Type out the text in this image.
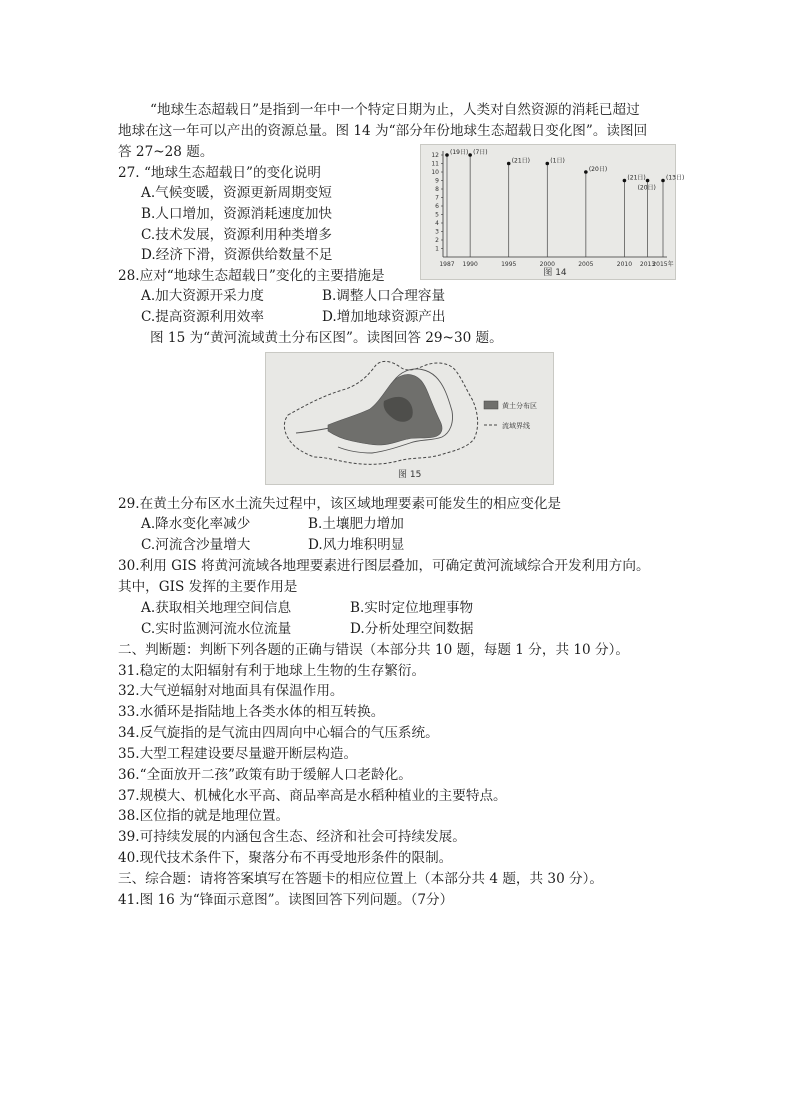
“地球生态超载日”是指到一年中一个特定日期为止，人类对自然资源的消耗已超过
地球在这一年可以产出的资源总量。图 14 为“部分年份地球生态超载日变化图”。读图回
答 27~28 题。
27. “地球生态超载日”的变化说明
A.气候变暖，资源更新周期变短
B.人口增加，资源消耗速度加快
C.技术发展，资源利用种类增多
D.经济下滑，资源供给数量不足
28.应对“地球生态超载日”变化的主要措施是
A.加大资源开采力度	B.调整人口合理容量
C.提高资源利用效率	D.增加地球资源产出
图 15 为“黄河流域黄土分布区图”。读图回答 29~30 题。
29.在黄土分布区水土流失过程中，该区域地理要素可能发生的相应变化是
A.降水变化率减少	B.土壤肥力增加
C.河流含沙量增大	D.风力堆积明显
30.利用 GIS 将黄河流域各地理要素进行图层叠加，可确定黄河流域综合开发利用方向。
其中，GIS 发挥的主要作用是
A.获取相关地理空间信息	B.实时定位地理事物
C.实时监测河流水位流量	D.分析处理空间数据
二、判断题：判断下列各题的正确与错误（本部分共 10 题，每题 1 分，共 10 分）。
31.稳定的太阳辐射有利于地球上生物的生存繁衍。
32.大气逆辐射对地面具有保温作用。
33.水循环是指陆地上各类水体的相互转换。
34.反气旋指的是气流由四周向中心辐合的气压系统。
35.大型工程建设要尽量避开断层构造。
36.“全面放开二孩”政策有助于缓解人口老龄化。
37.规模大、机械化水平高、商品率高是水稻种植业的主要特点。
38.区位指的就是地理位置。
39.可持续发展的内涵包含生态、经济和社会可持续发展。
40.现代技术条件下，聚落分布不再受地形条件的限制。
三、综合题：请将答案填写在答题卡的相应位置上（本部分共 4 题，共 30 分）。
41.图 16 为“锋面示意图”。读图回答下列问题。（7分）
12
11
10
9
8
7
6
5
4
3
2
1
1987 1990	1995	2000	2005	2010 2013
2015年
(19日) (7日)
(21日)	(1日)
(20日)
(21日)
(20日)
(13日)
图 14
黄土分布区
流域界线
图 15
